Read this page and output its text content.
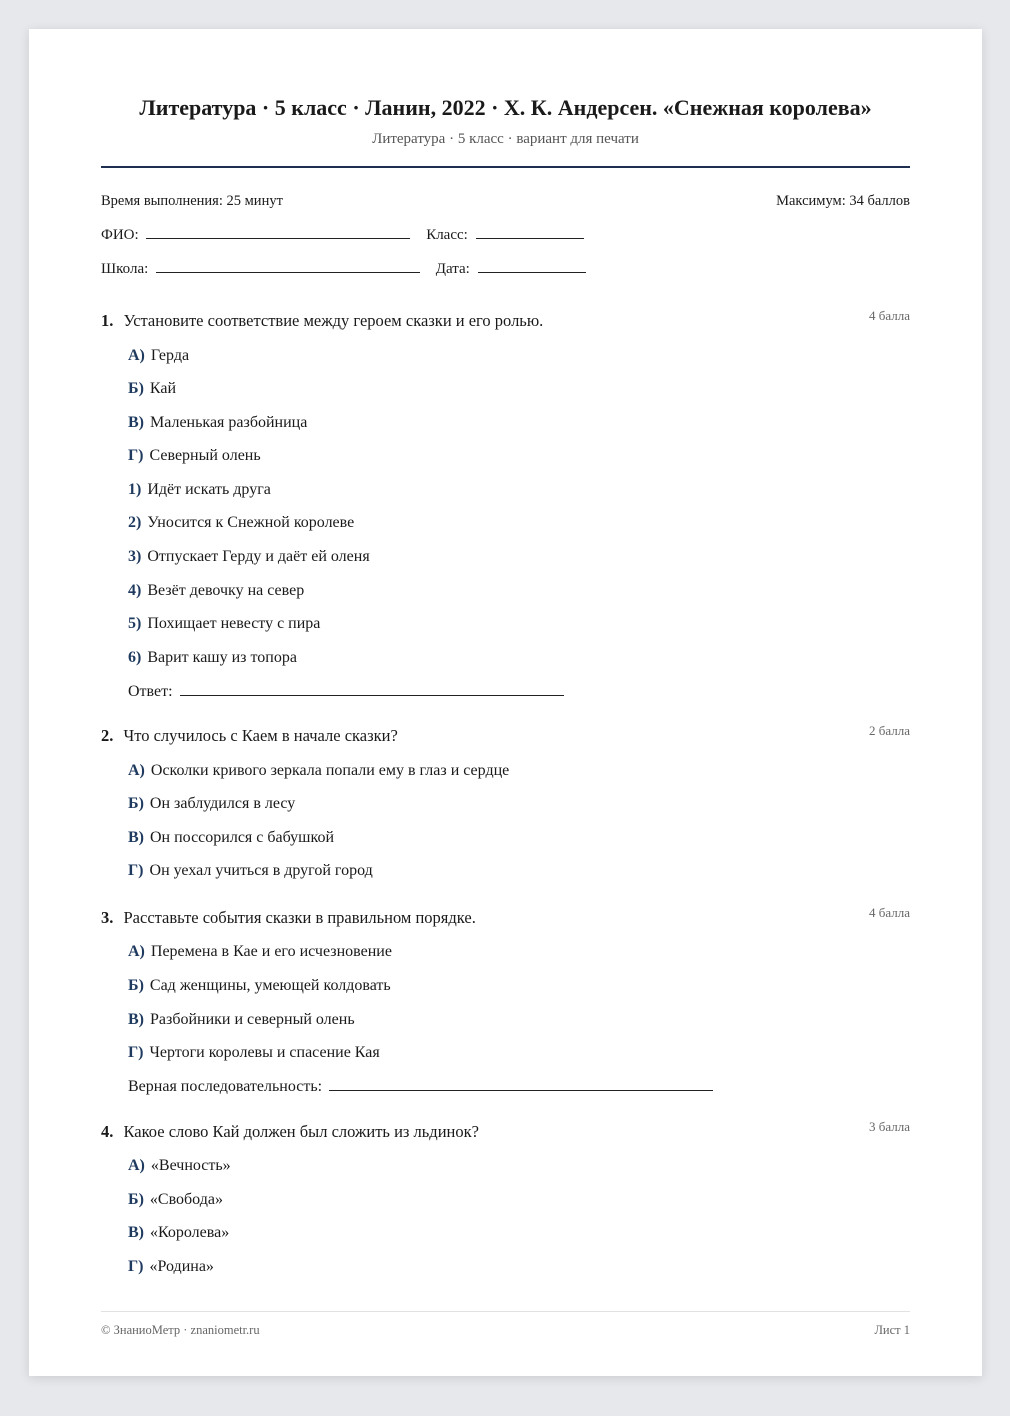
Литература · 5 класс · Ланин, 2022 · Х. К. Андерсен. «Снежная королева»
Литература · 5 класс · вариант для печати
Время выполнения: 25 минут	Максимум: 34 баллов
ФИО:	Класс:
Школа:	Дата:
1. Установите соответствие между героем сказки и его ролью.	4 балла
А) Герда
Б) Кай
В) Маленькая разбойница
Г) Северный олень
1) Идёт искать друга
2) Уносится к Снежной королеве
3) Отпускает Герду и даёт ей оленя
4) Везёт девочку на север
5) Похищает невесту с пира
6) Варит кашу из топора
Ответ:
2. Что случилось с Каем в начале сказки?	2 балла
А) Осколки кривого зеркала попали ему в глаз и сердце
Б) Он заблудился в лесу
В) Он поссорился с бабушкой
Г) Он уехал учиться в другой город
3. Расставьте события сказки в правильном порядке.	4 балла
А) Перемена в Кае и его исчезновение
Б) Сад женщины, умеющей колдовать
В) Разбойники и северный олень
Г) Чертоги королевы и спасение Кая
Верная последовательность:
4. Какое слово Кай должен был сложить из льдинок?	3 балла
А) «Вечность»
Б) «Свобода»
В) «Королева»
Г) «Родина»
© ЗнаниоМетр · znaniometr.ru	Лист 1
